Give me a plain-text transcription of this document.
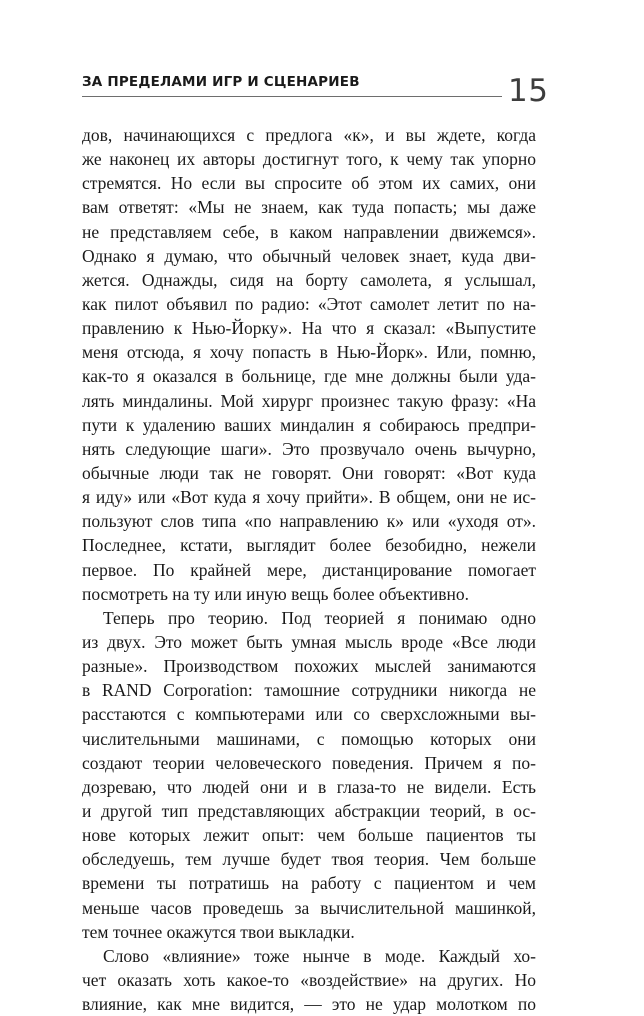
ЗА ПРЕДЕЛАМИ ИГР И СЦЕНАРИЕВ	15
дов, начинающихся с предлога «к», и вы ждете, когда
же наконец их авторы достигнут того, к чему так упорно
стремятся. Но если вы спросите об этом их самих, они
вам ответят: «Мы не знаем, как туда попасть; мы даже
не представляем себе, в каком направлении движемся».
Однако я думаю, что обычный человек знает, куда дви-
жется. Однажды, сидя на борту самолета, я услышал,
как пилот объявил по радио: «Этот самолет летит по на-
правлению к Нью-Йорку». На что я сказал: «Выпустите
меня отсюда, я хочу попасть в Нью-Йорк». Или, помню,
как-то я оказался в больнице, где мне должны были уда-
лять миндалины. Мой хирург произнес такую фразу: «На
пути к удалению ваших миндалин я собираюсь предпри-
нять следующие шаги». Это прозвучало очень вычурно,
обычные люди так не говорят. Они говорят: «Вот куда
я иду» или «Вот куда я хочу прийти». В общем, они не ис-
пользуют слов типа «по направлению к» или «уходя от».
Последнее, кстати, выглядит более безобидно, нежели
первое. По крайней мере, дистанцирование помогает
посмотреть на ту или иную вещь более объективно.
Теперь про теорию. Под теорией я понимаю одно
из двух. Это может быть умная мысль вроде «Все люди
разные». Производством похожих мыслей занимаются
в RAND Corporation: тамошние сотрудники никогда не
расстаются с компьютерами или со сверхсложными вы-
числительными машинами, с помощью которых они
создают теории человеческого поведения. Причем я по-
дозреваю, что людей они и в глаза-то не видели. Есть
и другой тип представляющих абстракции теорий, в ос-
нове которых лежит опыт: чем больше пациентов ты
обследуешь, тем лучше будет твоя теория. Чем больше
времени ты потратишь на работу с пациентом и чем
меньше часов проведешь за вычислительной машинкой,
тем точнее окажутся твои выкладки.
Слово «влияние» тоже нынче в моде. Каждый хо-
чет оказать хоть какое-то «воздействие» на других. Но
влияние, как мне видится, — это не удар молотком по
